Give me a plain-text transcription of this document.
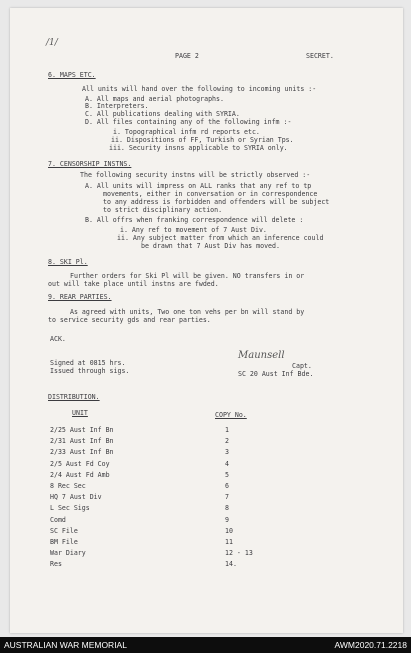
/1/
PAGE 2	SECRET.
6. MAPS ETC.
All units will hand over the following to incoming units :-
A. All maps and aerial photographs.
B. Interpreters.
C. All publications dealing with SYRIA.
D. All files containing any of the following infm :-
i. Topographical infm rd reports etc.
ii. Dispositions of FF, Turkish or Syrian Tps.
iii. Security insns applicable to SYRIA only.
7. CENSORSHIP INSTNS.
The following security instns will be strictly observed :-
A. All units will impress on ALL ranks that any ref to tp
movements, either in conversation or in correspondence
to any address is forbidden and offenders will be subject
to strict disciplinary action.
B. All offrs when franking correspondence will delete :
i. Any ref to movement of 7 Aust Div.
ii. Any subject matter from which an inference could
be drawn that 7 Aust Div has moved.
8. SKI Pl.
Further orders for Ski Pl will be given. NO transfers in or
out will take place until instns are fwded.
9. REAR PARTIES.
As agreed with units, Two one ton vehs per bn will stand by
to service security gds and rear parties.
ACK.
Signed at 0815 hrs.
Issued through sigs.
Maunsell
Capt.
SC 20 Aust Inf Bde.
DISTRIBUTION.
UNIT	COPY No.
2/25 Aust Inf Bn	1
2/31 Aust Inf Bn	2
2/33 Aust Inf Bn	3
2/5 Aust Fd Coy	4
2/4 Aust Fd Amb	5
8 Rec Sec	6
HQ 7 Aust Div	7
L Sec Sigs	8
Comd	9
SC File	10
BM File	11
War Diary	12 - 13
Res	14.
AUSTRALIAN WAR MEMORIAL	AWM2020.71.2218
